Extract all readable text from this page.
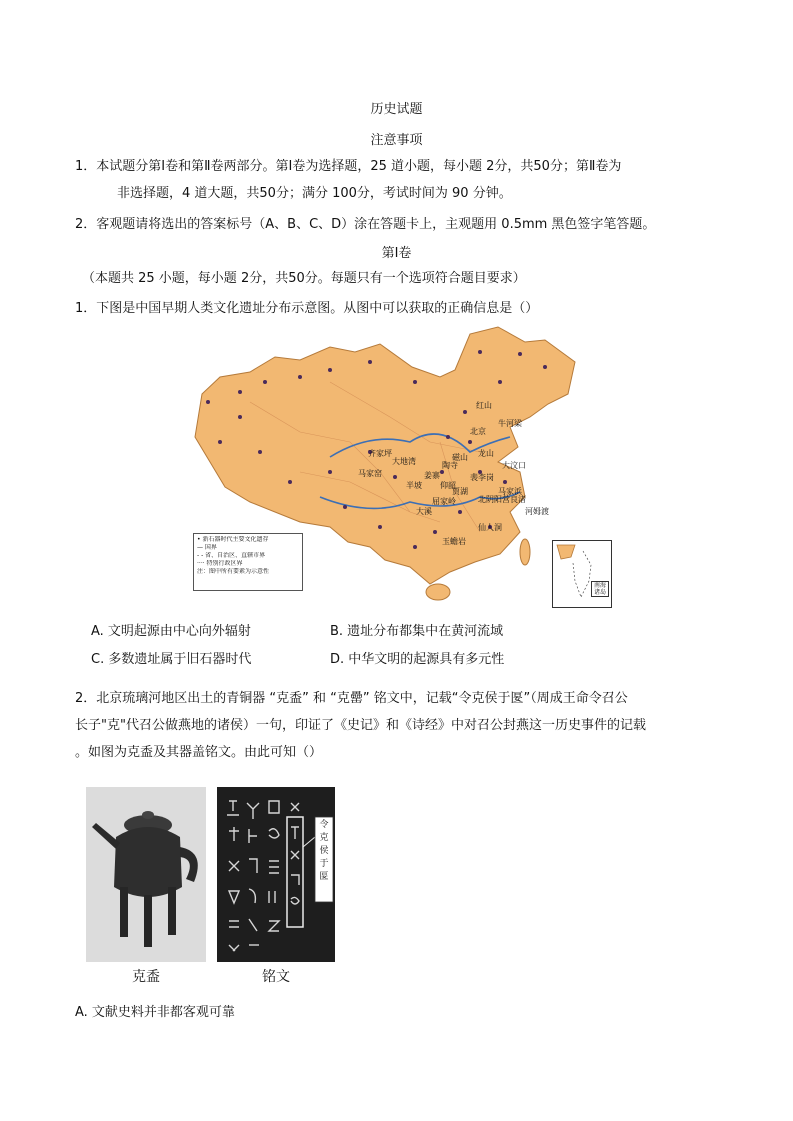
历史试题
注意事项
1．本试题分第Ⅰ卷和第Ⅱ卷两部分。第Ⅰ卷为选择题，25 道小题，每小题 2分，共50分；第Ⅱ卷为
非选择题，4 道大题，共50分；满分 100分，考试时间为 90 分钟。
2．客观题请将选出的答案标号（A、B、C、D）涂在答题卡上，主观题用 0.5mm 黑色签字笔答题。
第Ⅰ卷
（本题共 25 小题，每小题 2分，共50分。每题只有一个选项符合题目要求）
1．下图是中国早期人类文化遗址分布示意图。从图中可以获取的正确信息是（）
红山
北京
牛河梁
齐家坪
大地湾
马家窑
磁山
陶寺
龙山
大汶口
半坡
姜寨
仰韶
裴李岗
北阴阳营
贾湖
屈家岭
大溪
良渚
河姆渡
仙人洞
玉蟾岩
马家浜
• 新石器时代主要文化遗存
— 国界
- - 省、自治区、直辖市界
···· 特别行政区界
注：图中所有要素为示意性
南海诸岛
A. 文明起源由中心向外辐射	B. 遗址分布都集中在黄河流域
C. 多数遗址属于旧石器时代	D. 中华文明的起源具有多元性
2．北京琉璃河地区出土的青铜器 “克盉” 和 “克罍” 铭文中，记载“令克侯于匽”（周成王命令召公
长子"克"代召公做燕地的诸侯）一句，印证了《史记》和《诗经》中对召公封燕这一历史事件的记载
。如图为克盉及其器盖铭文。由此可知（）
克盉
令克侯于匽
铭文
A. 文献史料并非都客观可靠
